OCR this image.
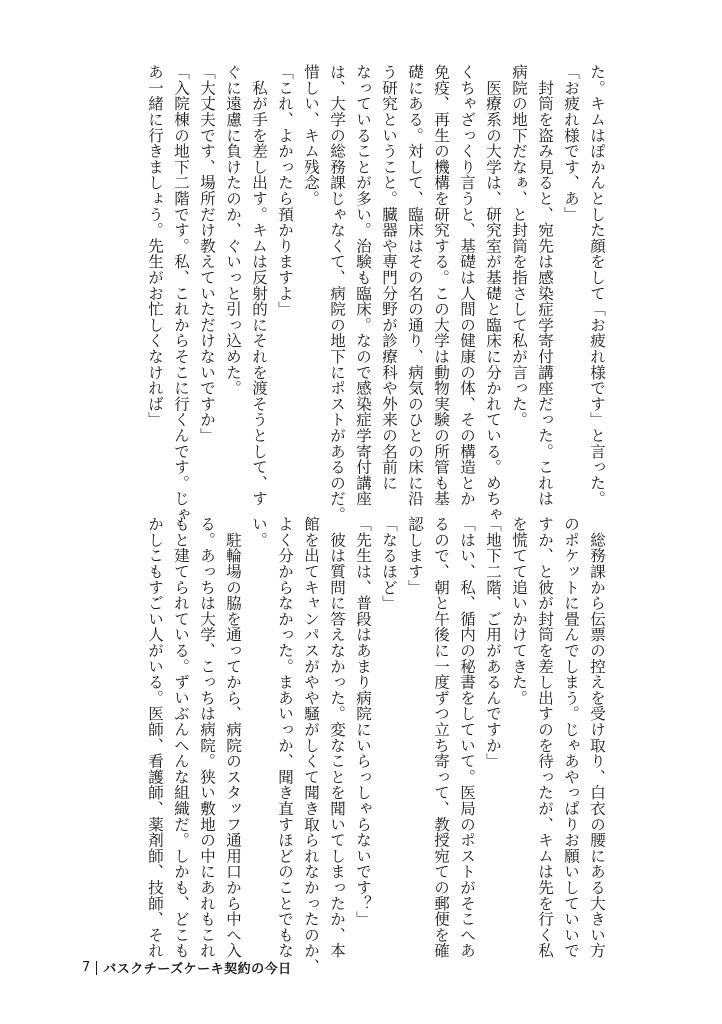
た。キムはぽかんとした顔をして「お疲れ様です」と言った。

「お疲れ様です、あ」

　封筒を盗み見ると、宛先は感染症学寄付講座だった。これは

病院の地下だなぁ、と封筒を指さして私が言った。

　医療系の大学は、研究室が基礎と臨床に分かれている。めちゃ

くちゃざっくり言うと、基礎は人間の健康の体、その構造とか

免疫、再生の機構を研究する。この大学は動物実験の所管も基

礎にある。対して、臨床はその名の通り、病気のひとの床に沿

う研究ということ。臓器や専門分野が診療科や外来の名前に

なっていることが多い。治験も臨床。なので感染症学寄付講座

は、大学の総務課じゃなくて、病院の地下にポストがあるのだ。

惜しい、キム残念。

「これ、よかったら預かりますよ」

　私が手を差し出す。キムは反射的にそれを渡そうとして、す

ぐに遠慮に負けたのか、ぐいっと引っ込めた。

「大丈夫です、場所だけ教えていただけないですか」

「入院棟の地下二階です。私、これからそこに行くんです。じゃ

あ一緒に行きましょう。先生がお忙しくなければ」

　総務課から伝票の控えを受け取り、白衣の腰にある大きい方

のポケットに畳んでしまう。じゃあやっぱりお願いしていいで

すか、と彼が封筒を差し出すのを待ったが、キムは先を行く私

を慌てて追いかけてきた。

「地下二階、ご用があるんですか」

「はい、私、循内の秘書をしていて。医局のポストがそこへあ

るので、朝と午後に一度ずつ立ち寄って、教授宛ての郵便を確

認します」

「なるほど」

「先生は、普段はあまり病院にいらっしゃらないです？」

　彼は質問に答えなかった。変なことを聞いてしまったか、本

館を出てキャンパスがやや騒がしくて聞き取られなかったのか、

よく分からなかった。まあいっか、聞き直すほどのことでもな

い。

　駐輪場の脇を通ってから、病院のスタッフ通用口から中へ入

る。あっちは大学、こっちは病院。狭い敷地の中にあれもこれ

もと建てられている。ずいぶんへんな組織だ。しかも、どこも

かしこもすごい人がいる。医師、看護師、薬剤師、技師、それ

7 バスクチーズケーキ契約の今日
